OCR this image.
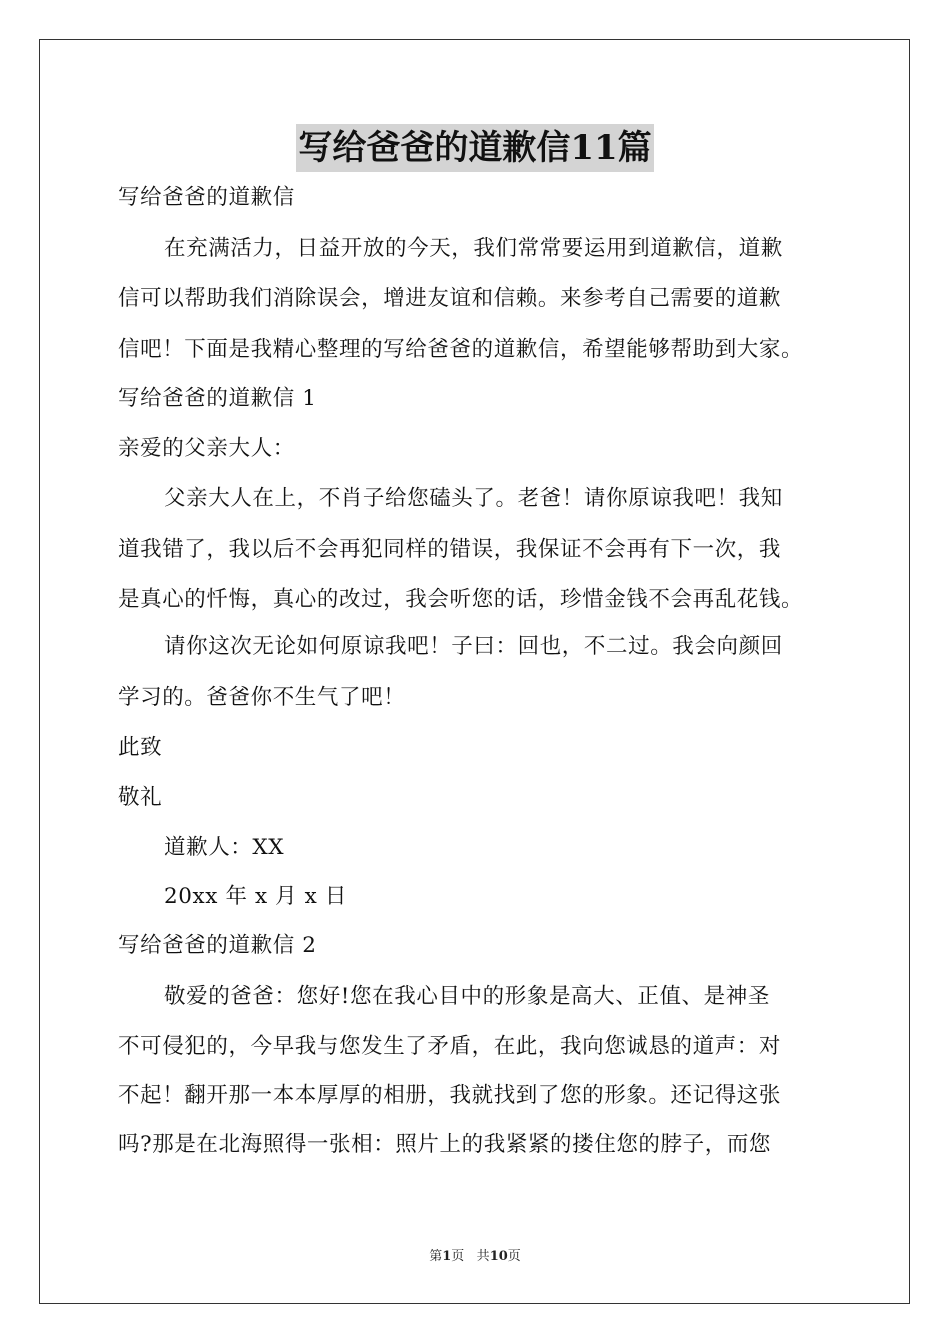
写给爸爸的道歉信11篇
写给爸爸的道歉信
在充满活力，日益开放的今天，我们常常要运用到道歉信，道歉
信可以帮助我们消除误会，增进友谊和信赖。来参考自己需要的道歉
信吧！下面是我精心整理的写给爸爸的道歉信，希望能够帮助到大家。
写给爸爸的道歉信 1
亲爱的父亲大人：
父亲大人在上，不肖子给您磕头了。老爸！请你原谅我吧！我知
道我错了，我以后不会再犯同样的错误，我保证不会再有下一次，我
是真心的忏悔，真心的改过，我会听您的话，珍惜金钱不会再乱花钱。
请你这次无论如何原谅我吧！子曰：回也，不二过。我会向颜回
学习的。爸爸你不生气了吧！
此致
敬礼
道歉人：XX
20xx 年 x 月 x 日
写给爸爸的道歉信 2
敬爱的爸爸：您好!您在我心目中的形象是高大、正值、是神圣
不可侵犯的，今早我与您发生了矛盾，在此，我向您诚恳的道声：对
不起！翻开那一本本厚厚的相册，我就找到了您的形象。还记得这张
吗?那是在北海照得一张相：照片上的我紧紧的搂住您的脖子，而您
第1页 共10页
